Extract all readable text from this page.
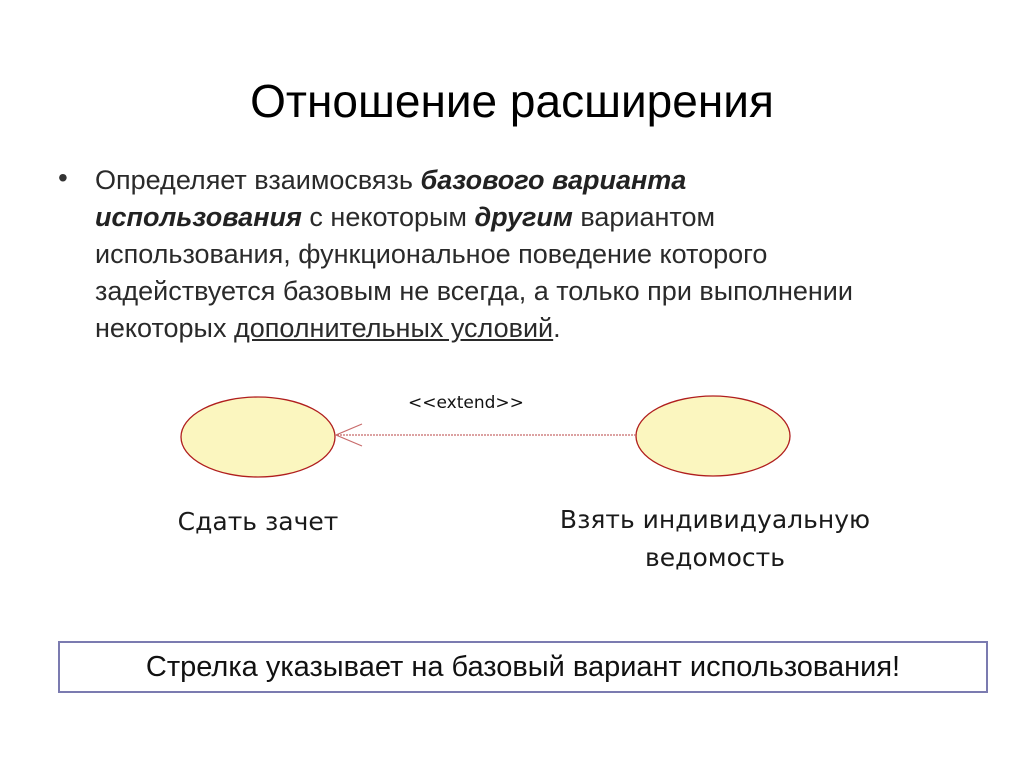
Отношение расширения
• Определяет взаимосвязь базового варианта использования с некоторым другим вариантом использования, функциональное поведение которого задействуется базовым не всегда, а только при выполнении некоторых дополнительных условий.
<<extend>>
Сдать зачет	Взять индивидуальную
ведомость
Стрелка указывает на базовый вариант использования!
